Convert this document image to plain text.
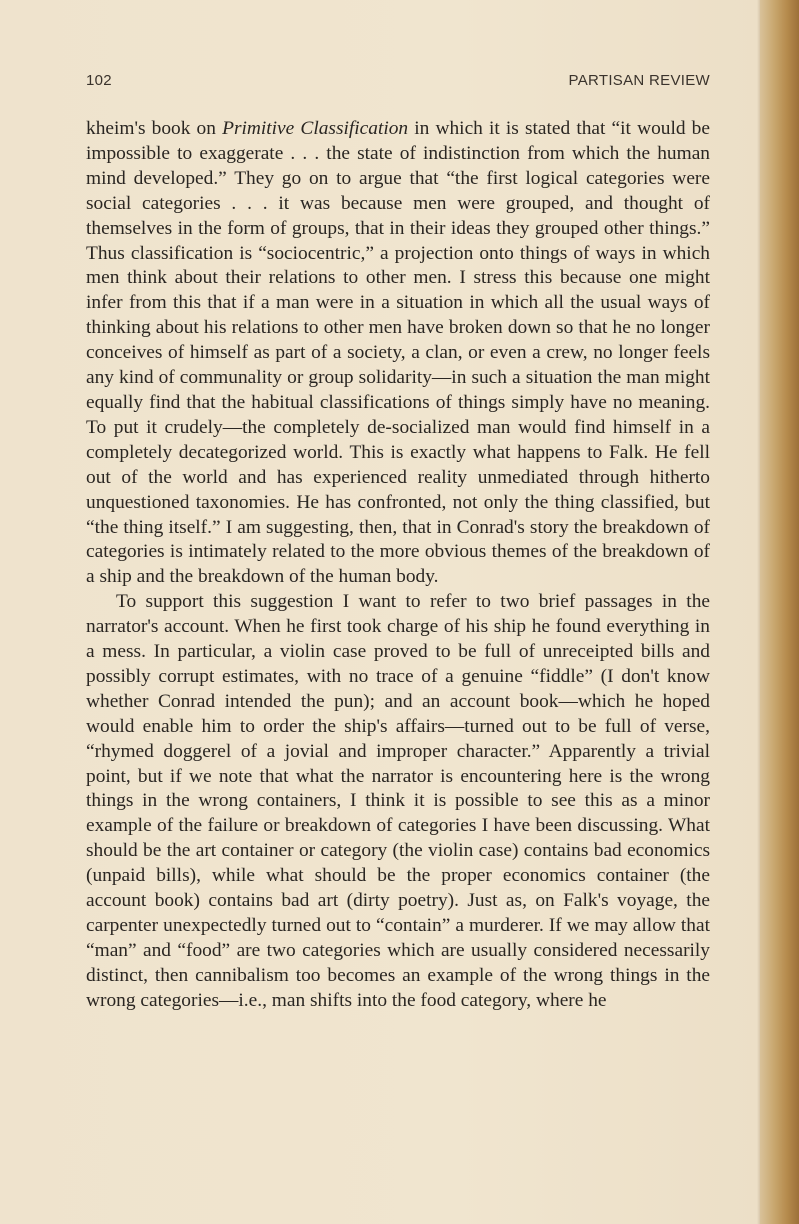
102	PARTISAN REVIEW

kheim's book on Primitive Classification in which it is stated that “it would be impossible to exaggerate . . . the state of indistinction from which the human mind developed.” They go on to argue that “the first logical categories were social categories . . . it was because men were grouped, and thought of themselves in the form of groups, that in their ideas they grouped other things.” Thus classification is “sociocentric,” a projection onto things of ways in which men think about their relations to other men. I stress this because one might infer from this that if a man were in a situation in which all the usual ways of thinking about his relations to other men have broken down so that he no longer conceives of himself as part of a society, a clan, or even a crew, no longer feels any kind of communality or group solidarity—in such a situation the man might equally find that the habitual classifications of things simply have no meaning. To put it crudely—the completely de-socialized man would find himself in a completely decategorized world. This is exactly what happens to Falk. He fell out of the world and has experienced reality unmediated through hitherto unquestioned taxonomies. He has confronted, not only the thing classified, but “the thing itself.” I am suggesting, then, that in Conrad's story the breakdown of categories is intimately related to the more obvious themes of the breakdown of a ship and the breakdown of the human body.

To support this suggestion I want to refer to two brief passages in the narrator's account. When he first took charge of his ship he found everything in a mess. In particular, a violin case proved to be full of unreceipted bills and possibly corrupt estimates, with no trace of a genuine “fiddle” (I don't know whether Conrad intended the pun); and an account book—which he hoped would enable him to order the ship's affairs—turned out to be full of verse, “rhymed doggerel of a jovial and improper character.” Apparently a trivial point, but if we note that what the narrator is encountering here is the wrong things in the wrong containers, I think it is possible to see this as a minor example of the failure or breakdown of categories I have been discussing. What should be the art container or category (the violin case) contains bad economics (unpaid bills), while what should be the proper economics container (the account book) contains bad art (dirty poetry). Just as, on Falk's voyage, the carpenter unexpectedly turned out to “contain” a murderer. If we may allow that “man” and “food” are two categories which are usually considered necessarily distinct, then cannibalism too becomes an example of the wrong things in the wrong categories—i.e., man shifts into the food category, where he
